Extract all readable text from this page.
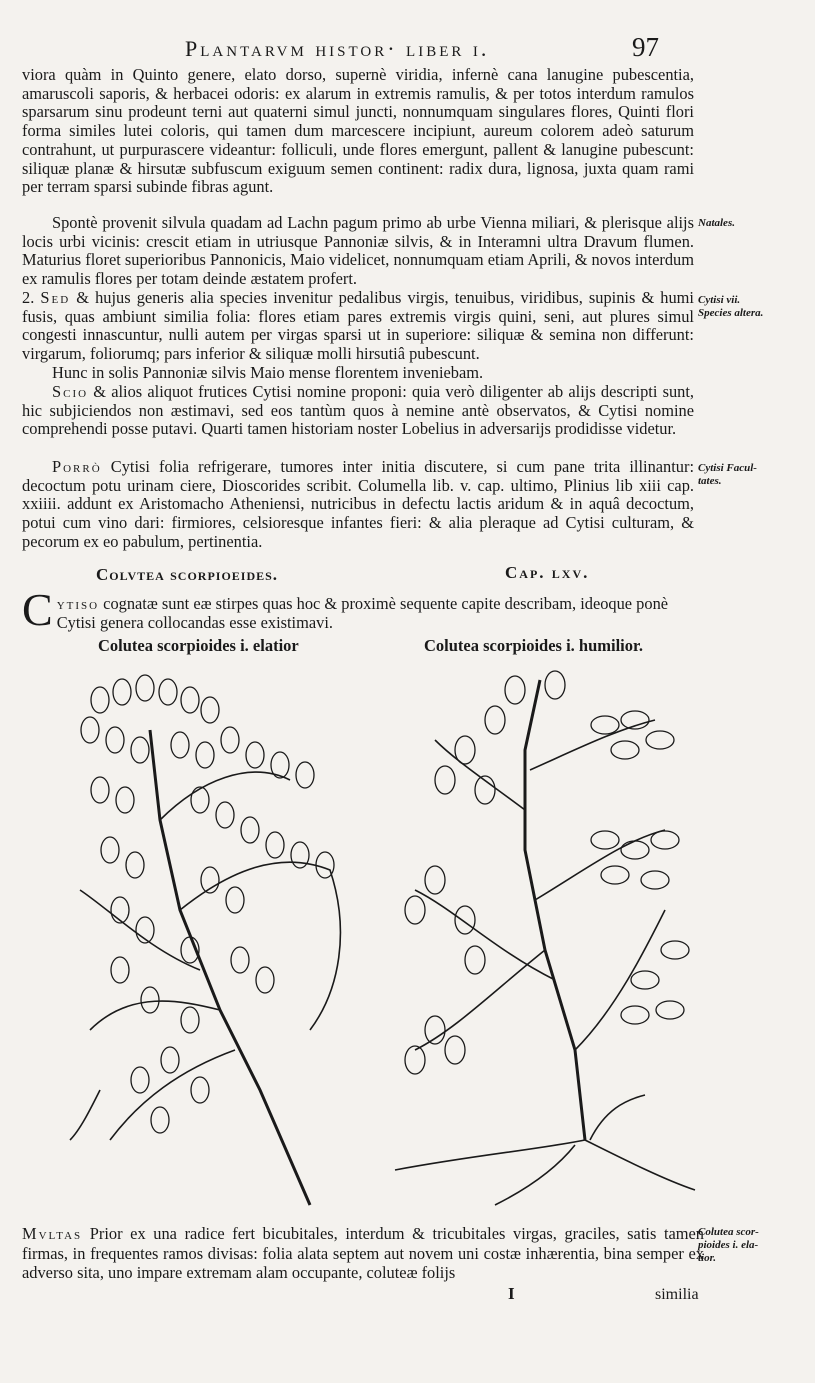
Plantarvm histor· liber i.	97

viora quàm in Quinto genere, elato dorso, supernè viridia, infernè cana lanugine pubescentia, amaruscoli saporis, & herbacei odoris: ex alarum in extremis ramulis, & per totos interdum ramulos sparsarum sinu prodeunt terni aut quaterni simul juncti, nonnumquam singulares flores, Quinti flori forma similes lutei coloris, qui tamen dum marcescere incipiunt, aureum colorem adeò saturum contrahunt, ut purpurascere videantur: folliculi, unde flores emergunt, pallent & lanugine pubescunt: siliquæ planæ & hirsutæ subfuscum exiguum semen continent: radix dura, lignosa, juxta quam rami per terram sparsi subinde fibras agunt.

Spontè provenit silvula quadam ad Lachn pagum primo ab urbe Vienna miliari, & plerisque alijs locis urbi vicinis: crescit etiam in utriusque Pannoniæ silvis, & in Interamni ultra Dravum flumen. Maturius floret superioribus Pannonicis, Maio videlicet, nonnumquam etiam Aprili, & novos interdum ex ramulis flores per totam deinde æstatem profert.

2. Sed & hujus generis alia species invenitur pedalibus virgis, tenuibus, viridibus, supinis & humi fusis, quas ambiunt similia folia: flores etiam pares extremis virgis quini, seni, aut plures simul congesti innascuntur, nulli autem per virgas sparsi ut in superiore: siliquæ & semina non differunt: virgarum, foliorumq; pars inferior & siliquæ molli hirsutiâ pubescunt.

Hunc in solis Pannoniæ silvis Maio mense florentem inveniebam.

Scio & alios aliquot frutices Cytisi nomine proponi: quia verò diligenter ab alijs descripti sunt, hic subjiciendos non æstimavi, sed eos tantùm quos à nemine antè observatos, & Cytisi nomine comprehendi posse putavi. Quarti tamen historiam noster Lobelius in adversarijs prodidisse videtur.

Porrò Cytisi folia refrigerare, tumores inter initia discutere, si cum pane trita illinantur: decoctum potu urinam ciere, Dioscorides scribit. Columella lib. v. cap. ultimo, Plinius lib xiii cap. xxiiii. addunt ex Aristomacho Atheniensi, nutricibus in defectu lactis aridum & in aquâ decoctum, potui cum vino dari: firmiores, celsioresque infantes fieri: & alia pleraque ad Cytisi culturam, & pecorum ex eo pabulum, pertinentia.

Natales.
Cytisi vii.
Species altera.
Cytisi Facul-
tates.
Colutea scor-
pioides i. ela-
tior.
Colvtea scorpioeides.	Cap. lxv.
C ytiso cognatæ sunt eæ stirpes quas hoc & proximè sequente capite describam, ideoque ponè Cytisi genera collocandas esse existimavi.

Colutea scorpioides i. elatior	Colutea scorpioides i. humilior.

Mvltas Prior ex una radice fert bicubitales, interdum & tricubitales virgas, graciles, satis tamen firmas, in frequentes ramos divisas: folia alata septem aut novem uni costæ inhærentia, bina semper ex adverso sita, uno impare extremam alam occupante, coluteæ folijs

I	similia
